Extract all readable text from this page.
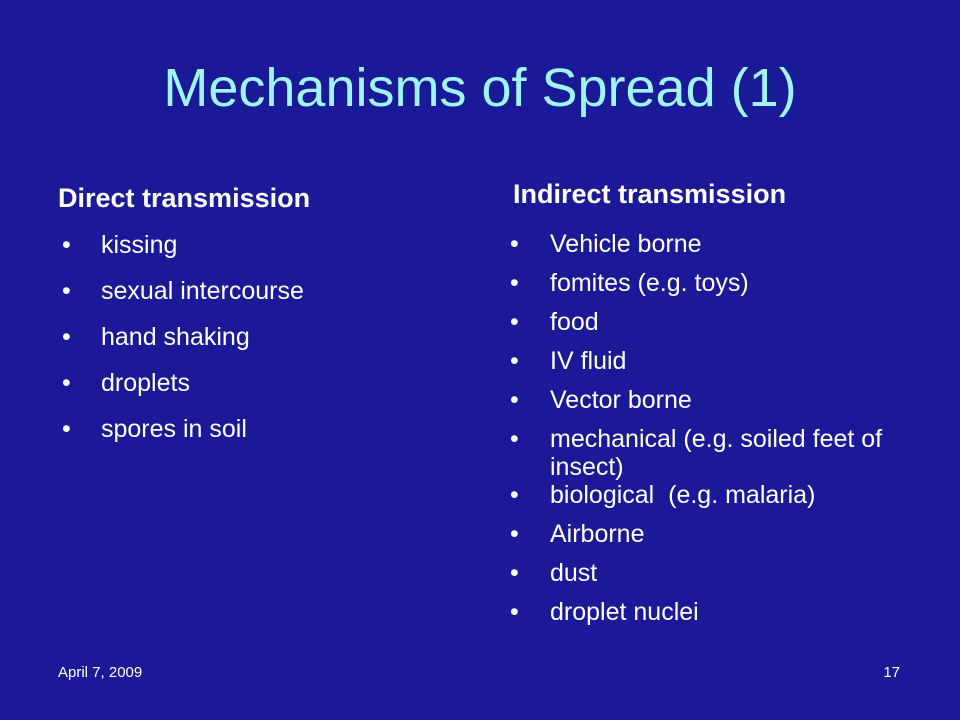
Mechanisms of Spread (1)
Direct transmission
• kissing
• sexual intercourse
• hand shaking
• droplets
• spores in soil
Indirect transmission
• Vehicle borne
• fomites (e.g. toys)
• food
• IV fluid
• Vector borne
• mechanical (e.g. soiled feet of insect)
• biological  (e.g. malaria)
• Airborne
• dust
• droplet nuclei
April 7, 2009	17
